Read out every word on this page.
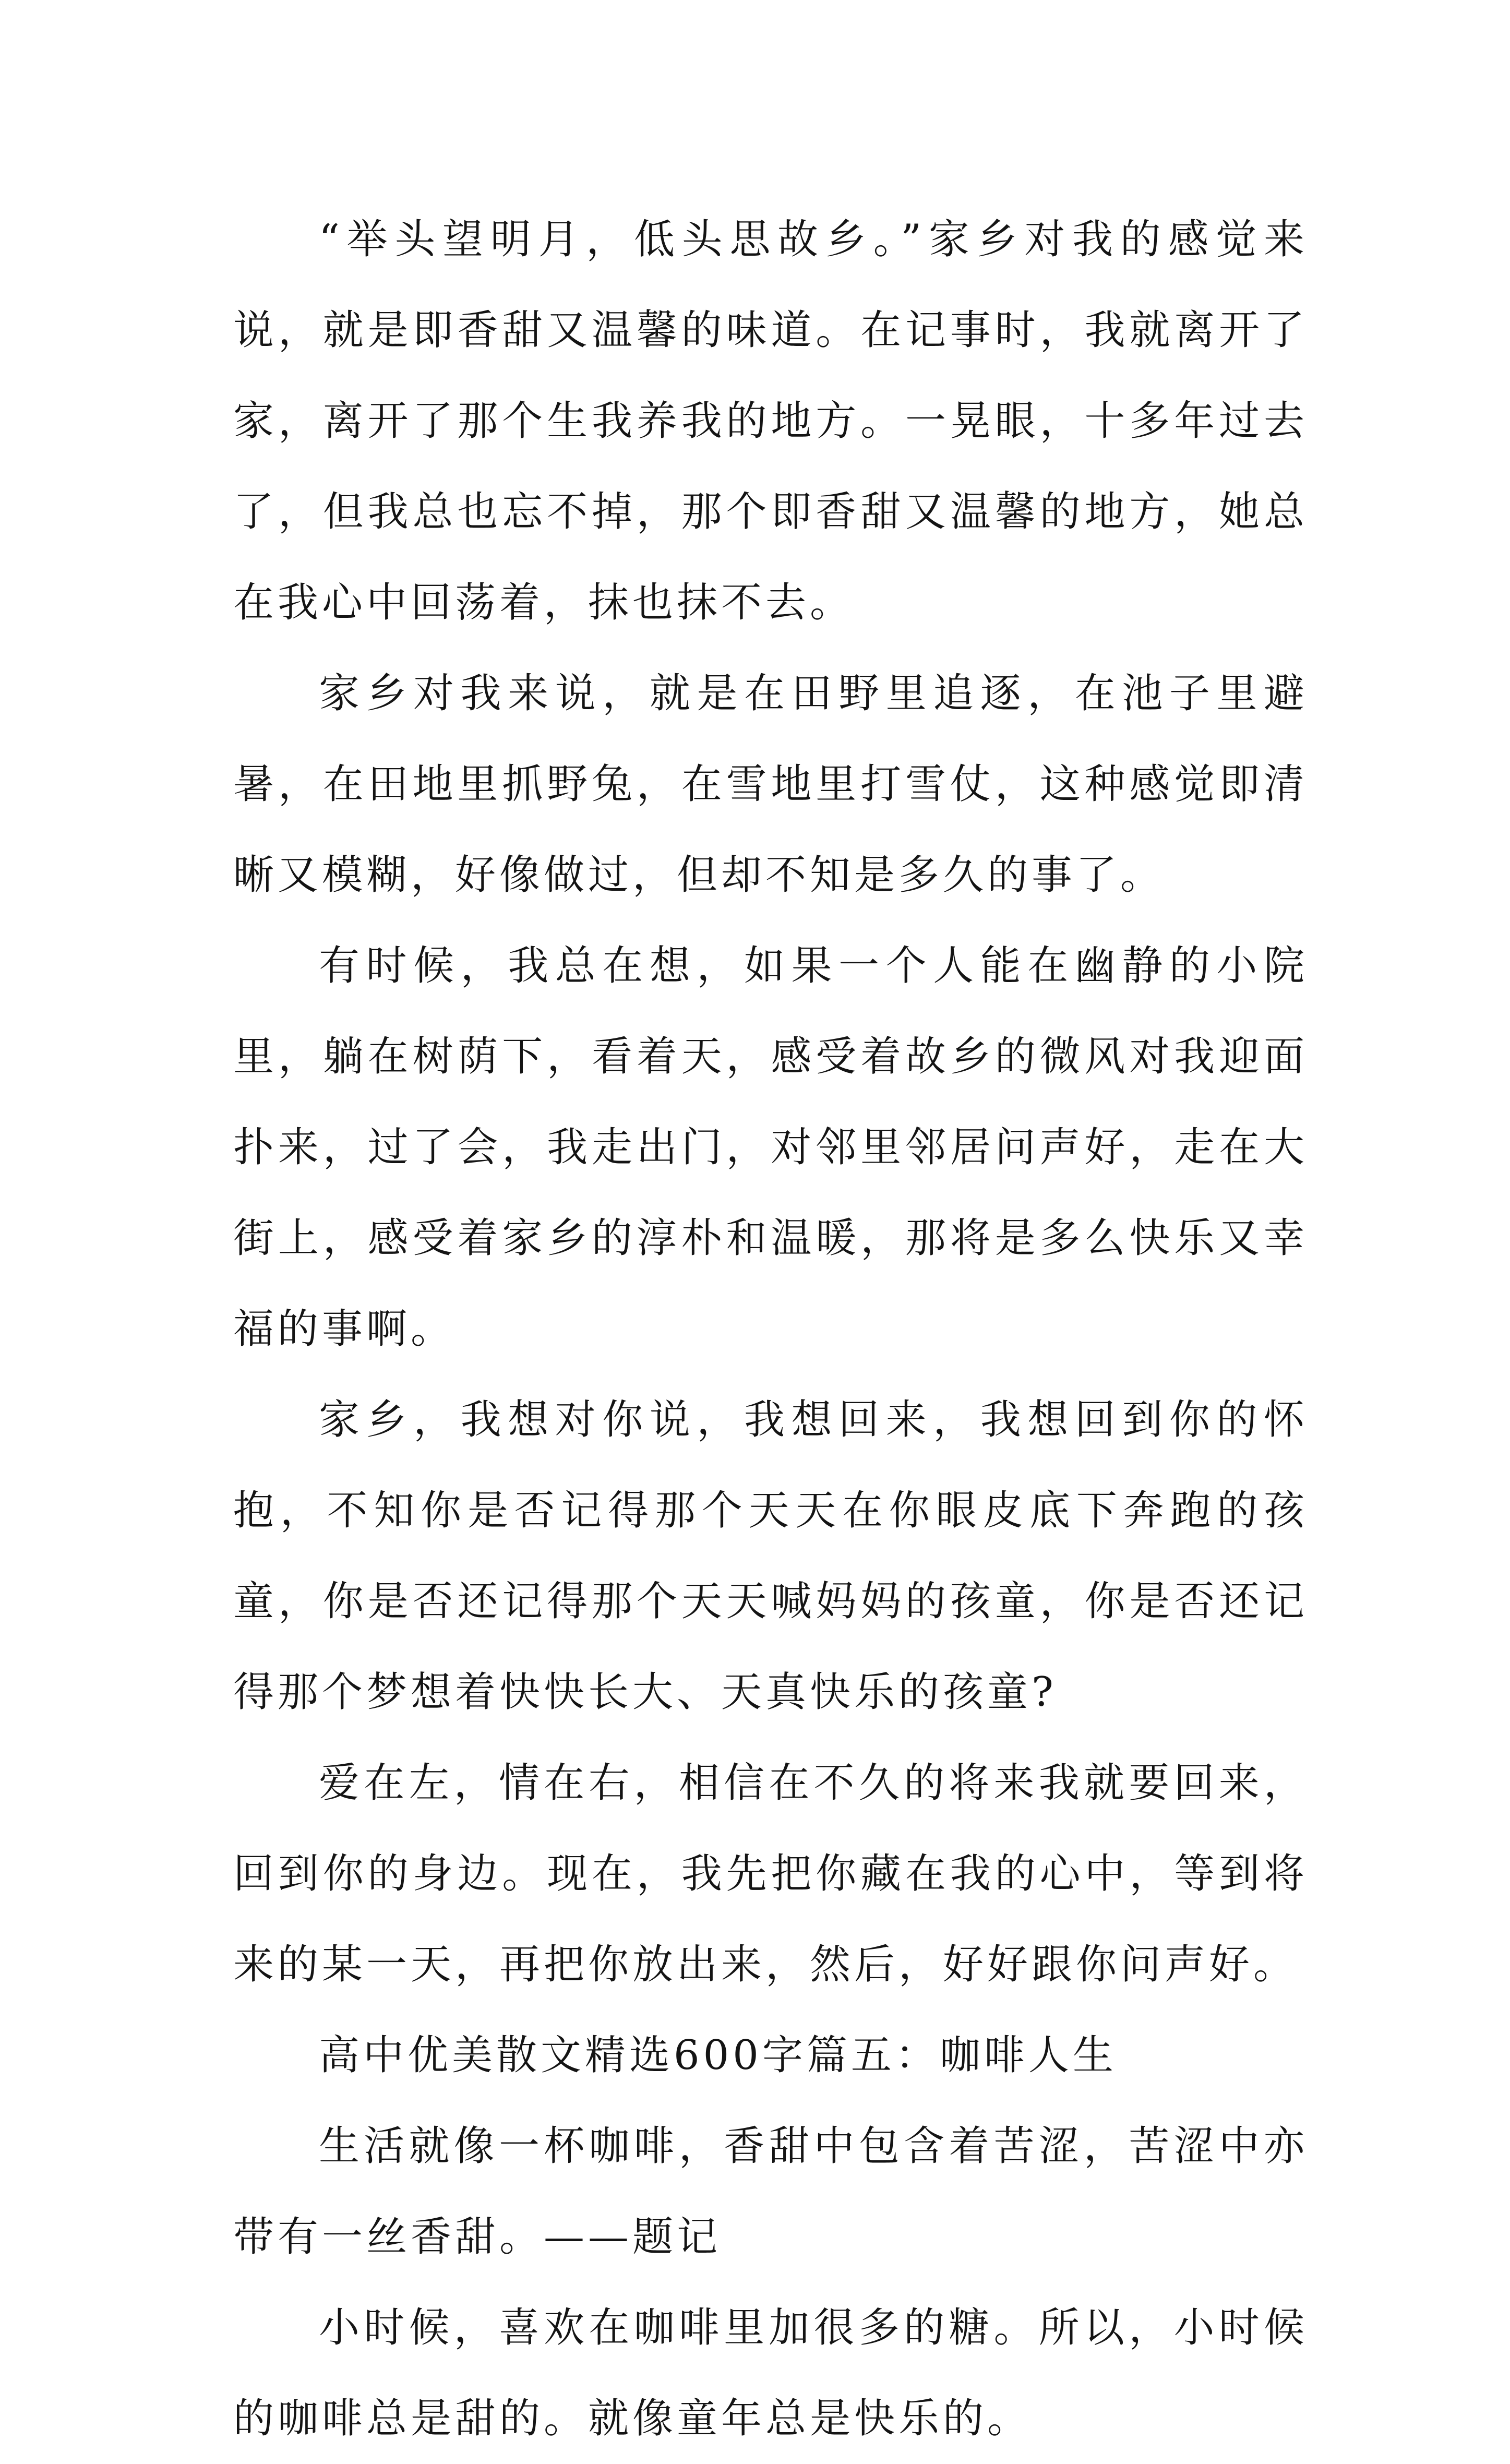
“举头望明月，低头思故乡。”家乡对我的感觉来说，就是即香甜又温馨的味道。在记事时，我就离开了家，离开了那个生我养我的地方。一晃眼，十多年过去了，但我总也忘不掉，那个即香甜又温馨的地方，她总在我心中回荡着，抹也抹不去。

家乡对我来说，就是在田野里追逐，在池子里避暑，在田地里抓野兔，在雪地里打雪仗，这种感觉即清晰又模糊，好像做过，但却不知是多久的事了。

有时候，我总在想，如果一个人能在幽静的小院里，躺在树荫下，看着天，感受着故乡的微风对我迎面扑来，过了会，我走出门，对邻里邻居问声好，走在大街上，感受着家乡的淳朴和温暖，那将是多么快乐又幸福的事啊。

家乡，我想对你说，我想回来，我想回到你的怀抱，不知你是否记得那个天天在你眼皮底下奔跑的孩童，你是否还记得那个天天喊妈妈的孩童，你是否还记得那个梦想着快快长大、天真快乐的孩童?

爱在左，情在右，相信在不久的将来我就要回来，回到你的身边。现在，我先把你藏在我的心中，等到将来的某一天，再把你放出来，然后，好好跟你问声好。

高中优美散文精选600字篇五：咖啡人生

生活就像一杯咖啡，香甜中包含着苦涩，苦涩中亦带有一丝香甜。——题记

小时候，喜欢在咖啡里加很多的糖。所以，小时候的咖啡总是甜的。就像童年总是快乐的。
